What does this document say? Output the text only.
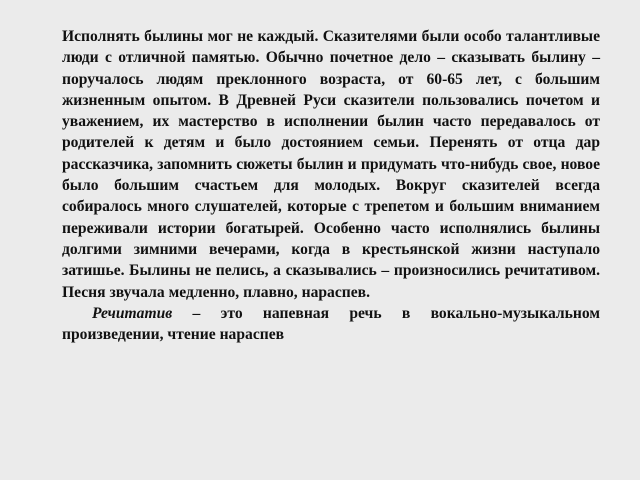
Исполнять былины мог не каждый. Сказителями были особо талантливые люди с отличной памятью. Обычно почетное дело – сказывать былину – поручалось людям преклонного возраста, от 60-65 лет, с большим жизненным опытом. В Древней Руси сказители пользовались почетом и уважением, их мастерство в исполнении былин часто передавалось от родителей к детям и было достоянием семьи. Перенять от отца дар рассказчика, запомнить сюжеты былин и придумать что-нибудь свое, новое было большим счастьем для молодых. Вокруг сказителей всегда собиралось много слушателей, которые с трепетом и большим вниманием переживали истории богатырей. Особенно часто исполнялись былины долгими зимними вечерами, когда в крестьянской жизни наступало затишье. Былины не пелись, а сказывались – произносились речитативом. Песня звучала медленно, плавно, нараспев.

Речитатив – это напевная речь в вокально-музыкальном произведении, чтение нараспев
